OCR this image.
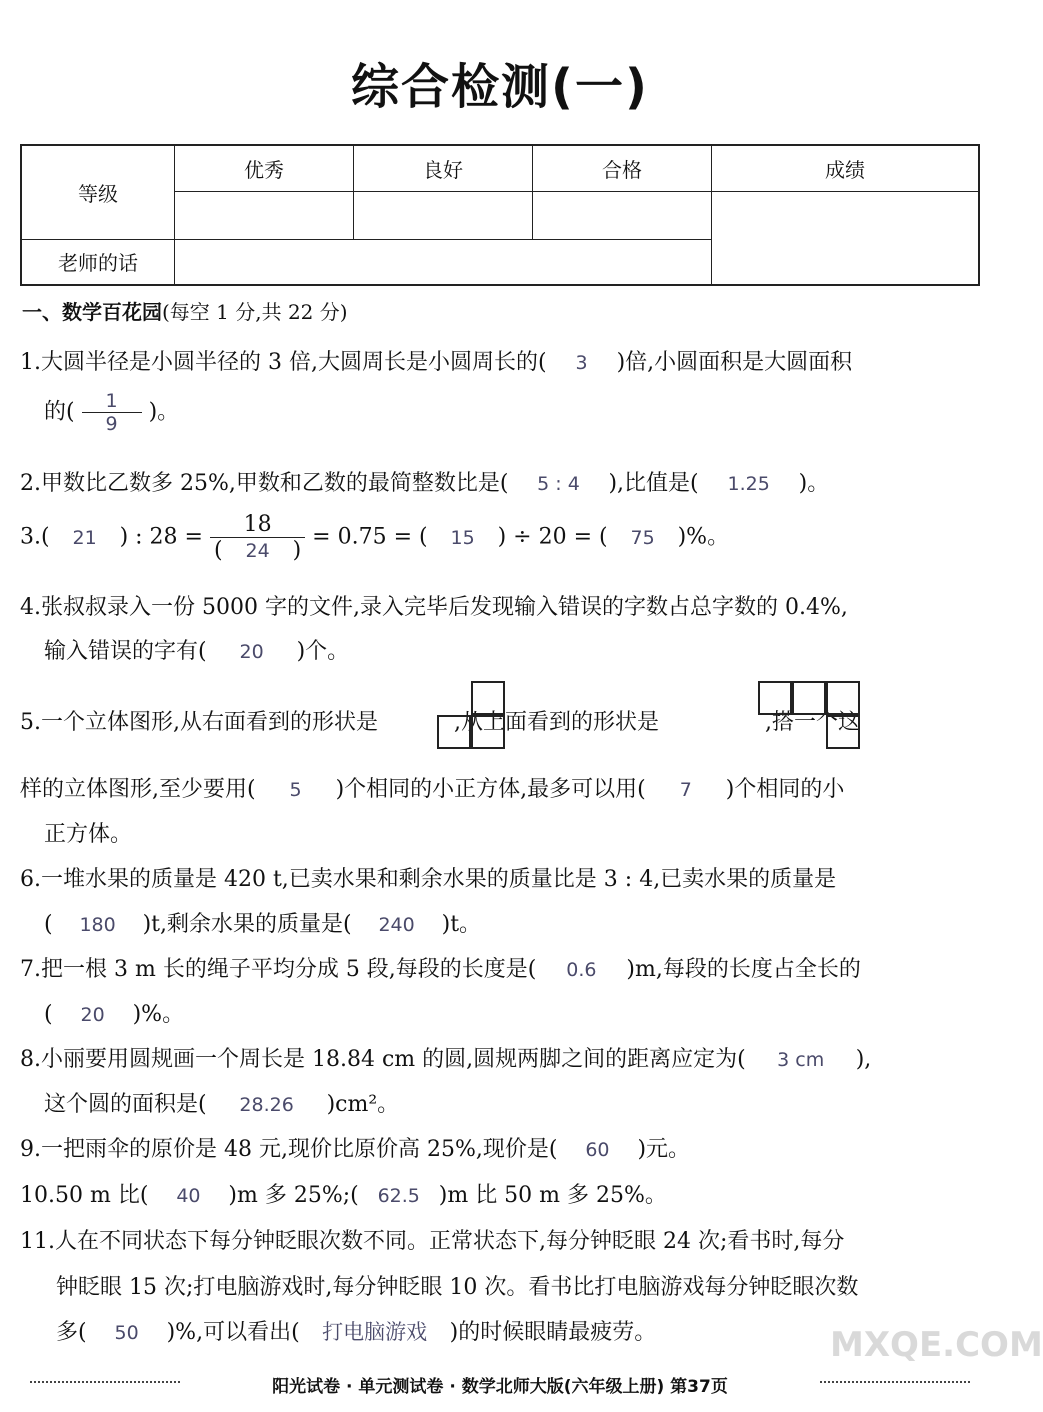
综合检测(一)
等级	优秀	良好	合格	成绩

老师的话				
一、数学百花园(每空 1 分,共 22 分)
1.大圆半径是小圆半径的 3 倍,大圆周长是小圆周长的( 3 )倍,小圆面积是大圆面积
的( $\frac{1}{9}$ )。
2.甲数比乙数多 25%,甲数和乙数的最简整数比是( 5 : 4 ),比值是( 1.25 )。
3.( 21 ) : $28 = \frac{18}{( 24 )} = 0.75$ = ( 15 ) ÷ 20 = ( 75 )%。
4.张叔叔录入一份 5000 字的文件,录入完毕后发现输入错误的字数占总字数的 0.4%,
输入错误的字有( 20 )个。
5.一个立体图形,从右面看到的形状是	,从上面看到的形状是	,搭一个这
样的立体图形,至少要用( 5 )个相同的小正方体,最多可以用( 7 )个相同的小
正方体。
6.一堆水果的质量是 420 t,已卖水果和剩余水果的质量比是 3 : 4,已卖水果的质量是
( 180 )t,剩余水果的质量是( 240 )t。
7.把一根 3 m 长的绳子平均分成 5 段,每段的长度是( 0.6 )m,每段的长度占全长的
( 20 )%。
8.小丽要用圆规画一个周长是 18.84 cm 的圆,圆规两脚之间的距离应定为( 3 cm ),
这个圆的面积是( 28.26 )cm²。
9.一把雨伞的原价是 48 元,现价比原价高 25%,现价是( 60 )元。
10.50 m 比( 40 )m 多 25%;( 62.5 )m 比 50 m 多 25%。
11.人在不同状态下每分钟眨眼次数不同。正常状态下,每分钟眨眼 24 次;看书时,每分
钟眨眼 15 次;打电脑游戏时,每分钟眨眼 10 次。看书比打电脑游戏每分钟眨眼次数
多( 50 )%,可以看出( 打电脑游戏 )的时候眼睛最疲劳。
阳光试卷 · 单元测试卷 · 数学北师大版(六年级上册) 第37页
MXQE.COM
